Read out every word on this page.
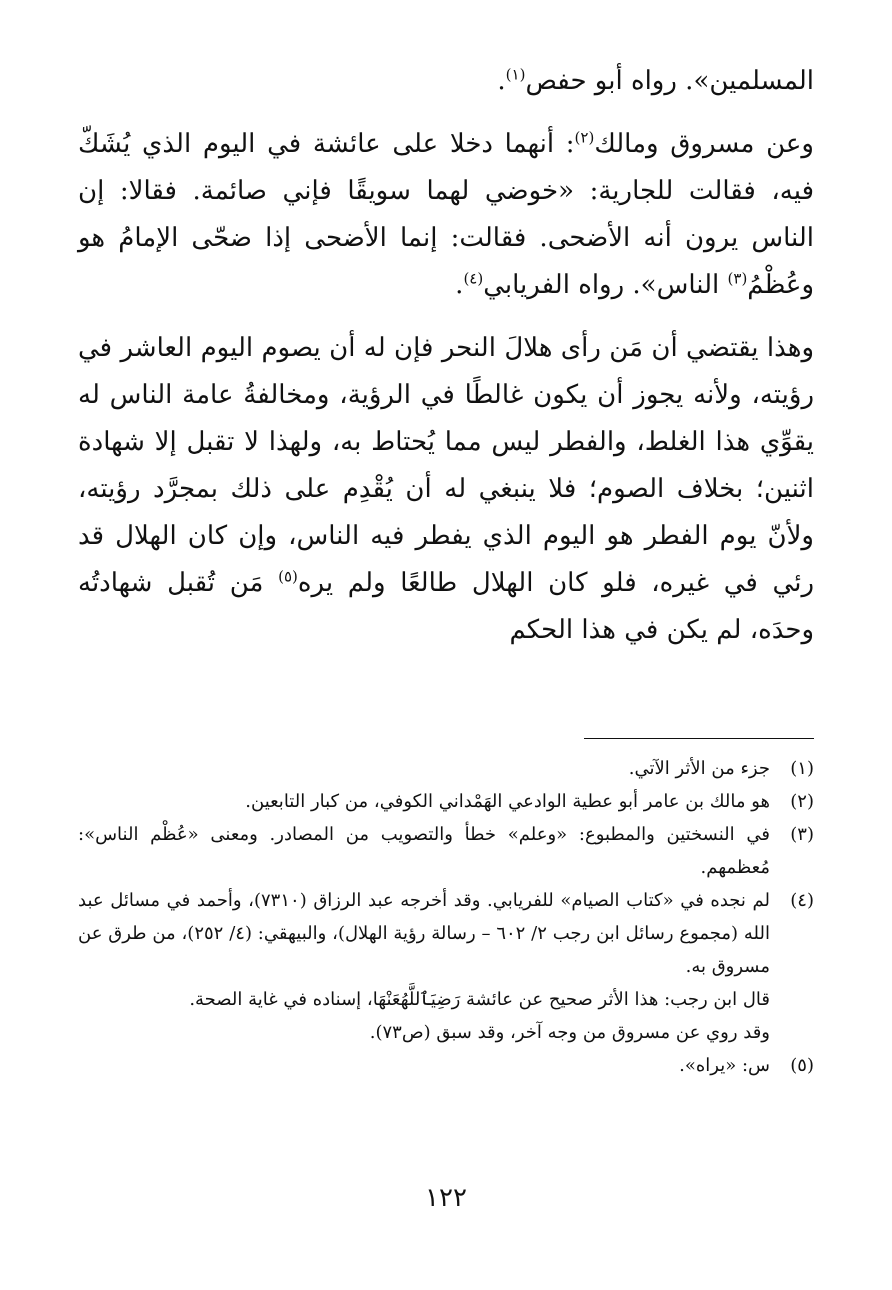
المسلمين». رواه أبو حفص$^{(١)}$.

وعن مسروق ومالك$^{(٢)}$: أنهما دخلا على عائشة في اليوم الذي يُشَكّ فيه، فقالت للجارية: «خوضي لهما سويقًا فإني صائمة. فقالا: إن الناس يرون أنه الأضحى. فقالت: إنما الأضحى إذا ضحّى الإمامُ هو وعُظْمُ$^{(٣)}$ الناس». رواه الفريابي$^{(٤)}$.

وهذا يقتضي أن مَن رأى هلالَ النحر فإن له أن يصوم اليوم العاشر في رؤيته، ولأنه يجوز أن يكون غالطًا في الرؤية، ومخالفةُ عامة الناس له يقوِّي هذا الغلط، والفطر ليس مما يُحتاط به، ولهذا لا تقبل إلا شهادة اثنين؛ بخلاف الصوم؛ فلا ينبغي له أن يُقْدِم على ذلك بمجرَّد رؤيته، ولأنّ يوم الفطر هو اليوم الذي يفطر فيه الناس، وإن كان الهلال قد رئي في غيره، فلو كان الهلال طالعًا ولم يره$^{(٥)}$ مَن تُقبل شهادتُه وحدَه، لم يكن في هذا الحكم

(١)
جزء من الأثر الآتي.
(٢)
هو مالك بن عامر أبو عطية الوادعي الهَمْداني الكوفي، من كبار التابعين.
(٣)
في النسختين والمطبوع: «وعلم» خطأ والتصويب من المصادر. ومعنى «عُظْم الناس»: مُعظمهم.
(٤)
لم نجده في «كتاب الصيام» للفريابي. وقد أخرجه عبد الرزاق (٧٣١٠)، وأحمد في مسائل عبد الله (مجموع رسائل ابن رجب ٢/ ٦٠٢ – رسالة رؤية الهلال)، والبيهقي: (٤/ ٢٥٢)، من طرق عن مسروق به.
قال ابن رجب: هذا الأثر صحيح عن عائشة رَضِيَٱللَّهُعَنْهَا، إسناده في غاية الصحة.
وقد روي عن مسروق من وجه آخر، وقد سبق (ص٧٣).
(٥)
س: «يراه».
١٢٢
